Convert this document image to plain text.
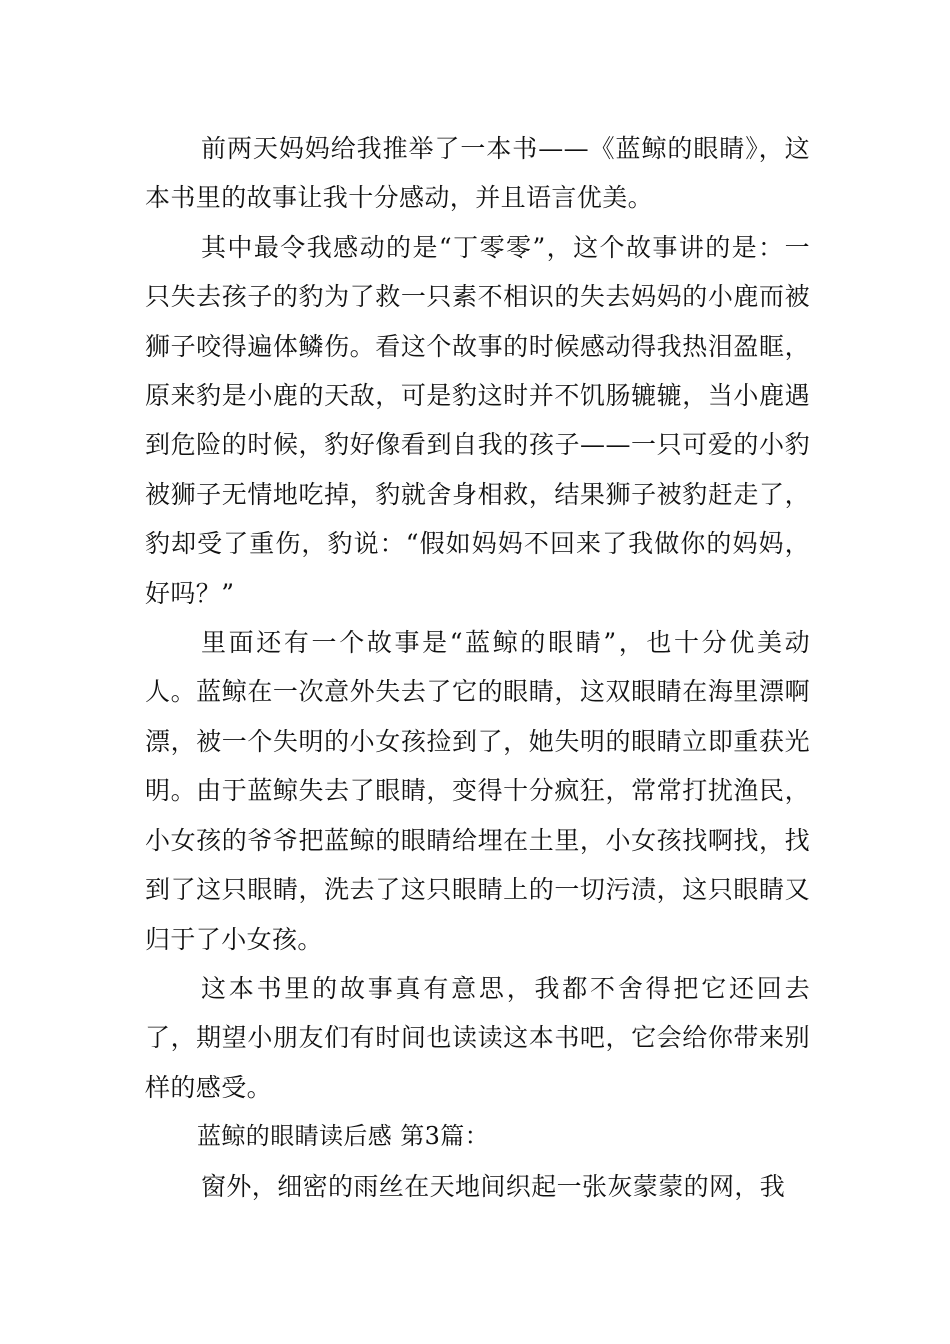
前两天妈妈给我推举了一本书——《蓝鲸的眼睛》，这本书里的故事让我十分感动，并且语言优美。

其中最令我感动的是“丁零零”，这个故事讲的是：一只失去孩子的豹为了救一只素不相识的失去妈妈的小鹿而被狮子咬得遍体鳞伤。看这个故事的时候感动得我热泪盈眶，原来豹是小鹿的天敌，可是豹这时并不饥肠辘辘，当小鹿遇到危险的时候，豹好像看到自我的孩子——一只可爱的小豹被狮子无情地吃掉，豹就舍身相救，结果狮子被豹赶走了，豹却受了重伤，豹说：“假如妈妈不回来了我做你的妈妈，好吗？”

里面还有一个故事是“蓝鲸的眼睛”，也十分优美动人。蓝鲸在一次意外失去了它的眼睛，这双眼睛在海里漂啊漂，被一个失明的小女孩捡到了，她失明的眼睛立即重获光明。由于蓝鲸失去了眼睛，变得十分疯狂，常常打扰渔民，小女孩的爷爷把蓝鲸的眼睛给埋在土里，小女孩找啊找，找到了这只眼睛，洗去了这只眼睛上的一切污渍，这只眼睛又归于了小女孩。

这本书里的故事真有意思，我都不舍得把它还回去了，期望小朋友们有时间也读读这本书吧，它会给你带来别样的感受。

蓝鲸的眼睛读后感 第3篇：

窗外，细密的雨丝在天地间织起一张灰蒙蒙的网，我
